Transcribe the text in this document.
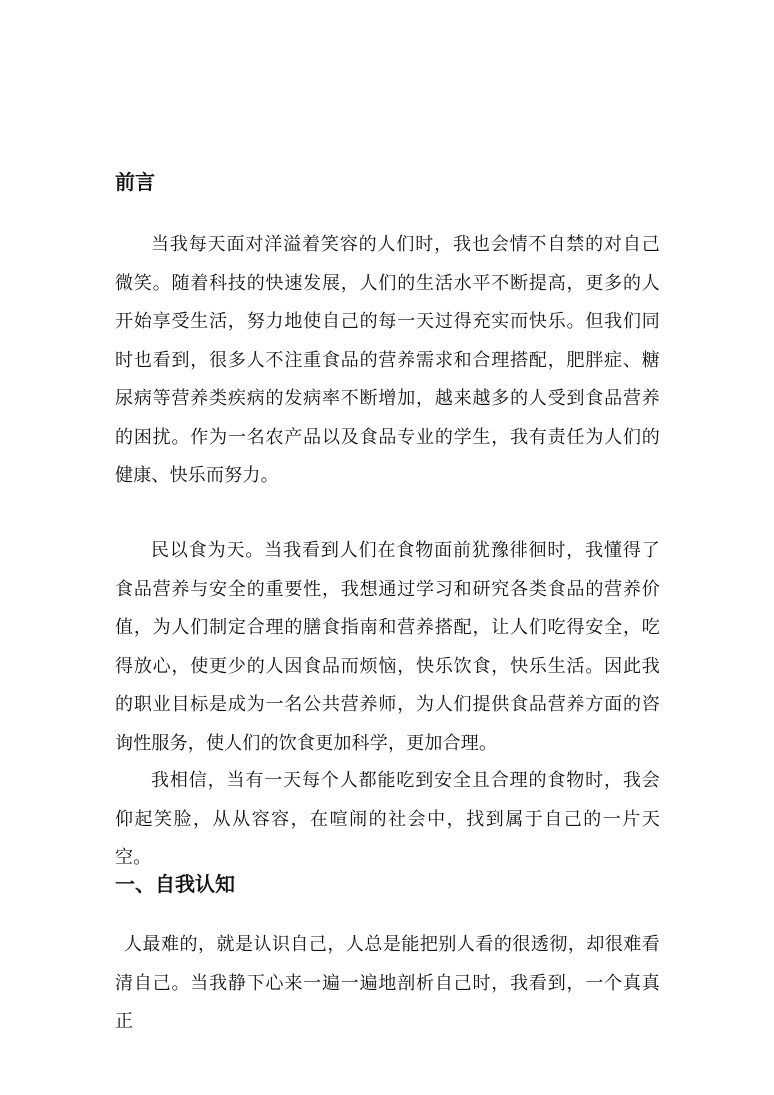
前言

当我每天面对洋溢着笑容的人们时，我也会情不自禁的对自己微笑。随着科技的快速发展，人们的生活水平不断提高，更多的人开始享受生活，努力地使自己的每一天过得充实而快乐。但我们同时也看到，很多人不注重食品的营养需求和合理搭配，肥胖症、糖尿病等营养类疾病的发病率不断增加，越来越多的人受到食品营养的困扰。作为一名农产品以及食品专业的学生，我有责任为人们的健康、快乐而努力。

民以食为天。当我看到人们在食物面前犹豫徘徊时，我懂得了食品营养与安全的重要性，我想通过学习和研究各类食品的营养价值，为人们制定合理的膳食指南和营养搭配，让人们吃得安全，吃得放心，使更少的人因食品而烦恼，快乐饮食，快乐生活。因此我的职业目标是成为一名公共营养师，为人们提供食品营养方面的咨询性服务，使人们的饮食更加科学，更加合理。

我相信，当有一天每个人都能吃到安全且合理的食物时，我会仰起笑脸，从从容容，在喧闹的社会中，找到属于自己的一片天空。

一、自我认知

人最难的，就是认识自己，人总是能把别人看的很透彻，却很难看清自己。当我静下心来一遍一遍地剖析自己时，我看到，一个真真正
